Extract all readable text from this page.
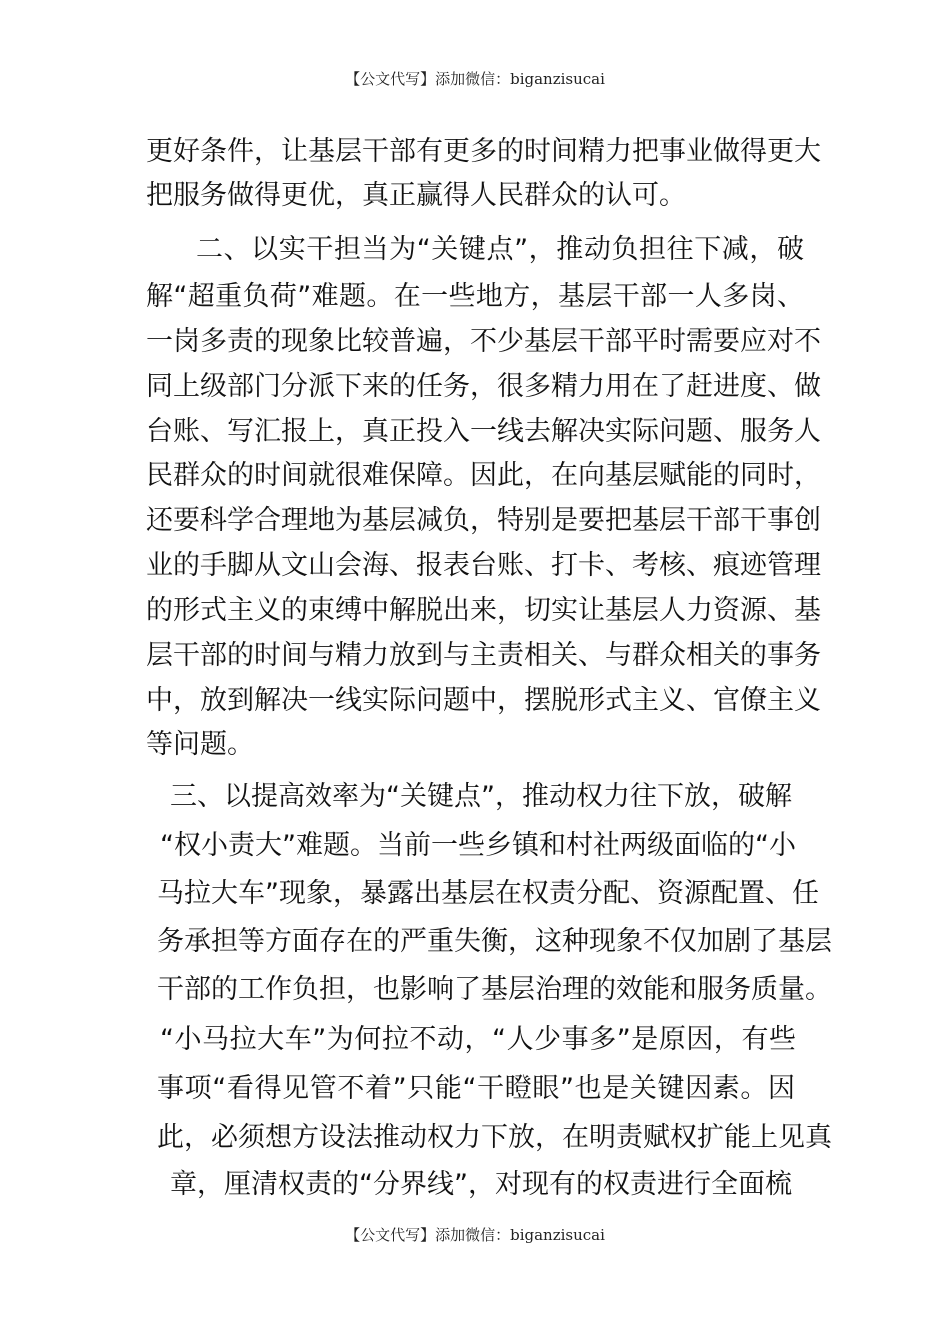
【公文代写】添加微信：biganzisucai
更好条件，让基层干部有更多的时间精力把事业做得更大
把服务做得更优，真正赢得人民群众的认可。
二、以实干担当为“关键点”，推动负担往下减，破
解“超重负荷”难题。在一些地方，基层干部一人多岗、
一岗多责的现象比较普遍，不少基层干部平时需要应对不
同上级部门分派下来的任务，很多精力用在了赶进度、做
台账、写汇报上，真正投入一线去解决实际问题、服务人
民群众的时间就很难保障。因此，在向基层赋能的同时，
还要科学合理地为基层减负，特别是要把基层干部干事创
业的手脚从文山会海、报表台账、打卡、考核、痕迹管理
的形式主义的束缚中解脱出来，切实让基层人力资源、基
层干部的时间与精力放到与主责相关、与群众相关的事务
中，放到解决一线实际问题中，摆脱形式主义、官僚主义
等问题。
三、以提高效率为“关键点”，推动权力往下放，破解
“权小责大”难题。当前一些乡镇和村社两级面临的“小
马拉大车”现象，暴露出基层在权责分配、资源配置、任
务承担等方面存在的严重失衡，这种现象不仅加剧了基层
干部的工作负担，也影响了基层治理的效能和服务质量。
“小马拉大车”为何拉不动，“人少事多”是原因，有些
事项“看得见管不着”只能“干瞪眼”也是关键因素。因
此，必须想方设法推动权力下放，在明责赋权扩能上见真
章，厘清权责的“分界线”，对现有的权责进行全面梳
【公文代写】添加微信：biganzisucai
